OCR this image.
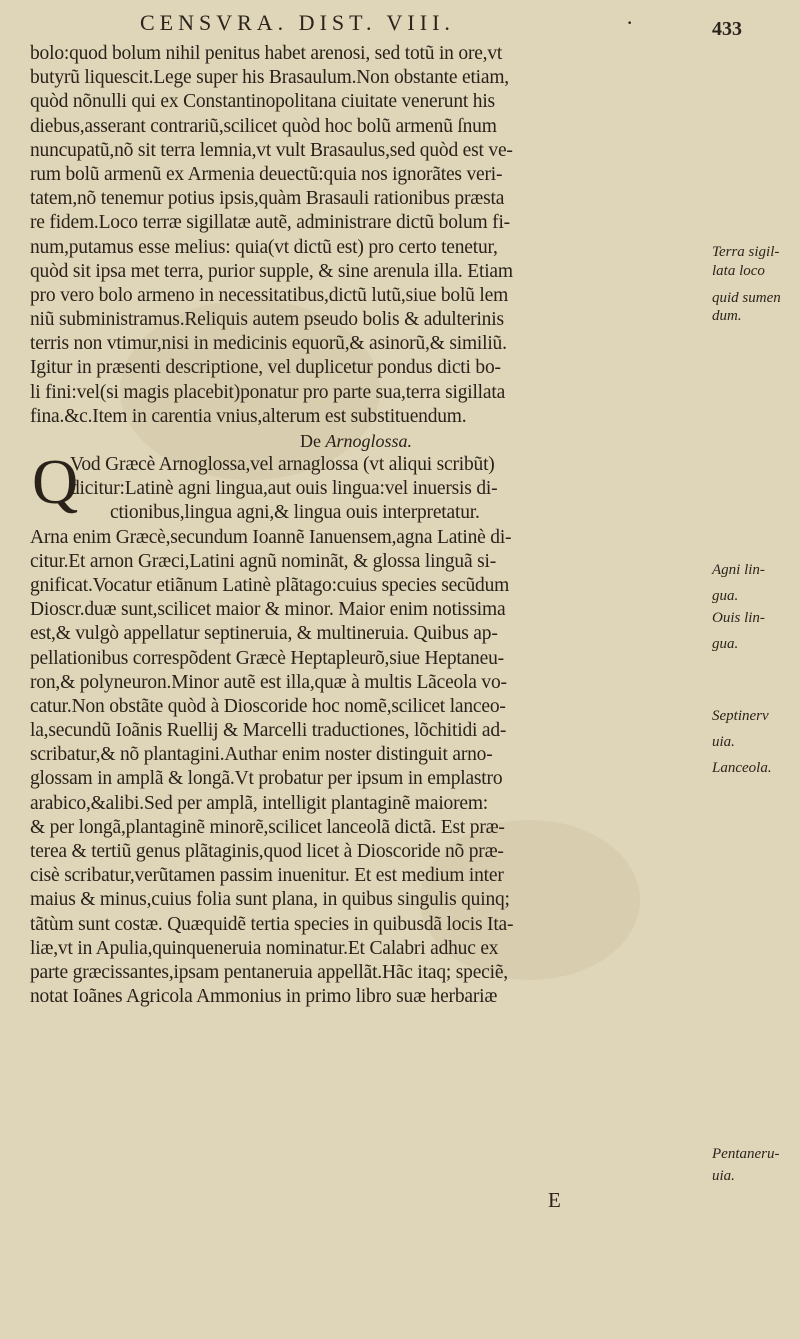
CENSVRA. DIST. VIII.	·	433
bolo:quod bolum nihil penitus habet arenosi, sed totũ in ore,vt
butyrũ liquescit.Lege super his Brasaulum.Non obstante etiam,
quòd nõnulli qui ex Constantinopolitana ciuitate venerunt his
diebus,asserant contrariũ,scilicet quòd hoc bolũ armenũ ſnum
nuncupatũ,nõ sit terra lemnia,vt vult Brasaulus,sed quòd est ve-
rum bolũ armenũ ex Armenia deuectũ:quia nos ignorãtes veri-
tatem,nõ tenemur potius ipsis,quàm Brasauli rationibus præsta
re fidem.Loco terræ sigillatæ autẽ, administrare dictũ bolum fi-
num,putamus esse melius: quia(vt dictũ est) pro certo tenetur,
quòd sit ipsa met terra, purior supple, & sine arenula illa. Etiam
pro vero bolo armeno in necessitatibus,dictũ lutũ,siue bolũ lem
niũ subministramus.Reliquis autem pseudo bolis & adulterinis
terris non vtimur,nisi in medicinis equorũ,& asinorũ,& similiũ.
Igitur in præsenti descriptione, vel duplicetur pondus dicti bo-
li fini:vel(si magis placebit)ponatur pro parte sua,terra sigillata
fina.&c.Item in carentia vnius,alterum est substituendum.
De Arnoglossa.
Q
Vod Græcè Arnoglossa,vel arnaglossa (vt aliqui scribũt)
dicitur:Latinè agni lingua,aut ouis lingua:vel inuersis di-
ctionibus,lingua agni,& lingua ouis interpretatur.
Arna enim Græcè,secundum Ioannẽ Ianuensem,agna Latinè di-
citur.Et arnon Græci,Latini agnũ nominãt, & glossa linguã si-
gnificat.Vocatur etiãnum Latinè plãtago:cuius species secũdum
Dioscr.duæ sunt,scilicet maior & minor. Maior enim notissima
est,& vulgò appellatur septineruia, & multineruia. Quibus ap-
pellationibus correspõdent Græcè Heptapleurõ,siue Heptaneu-
ron,& polyneuron.Minor autẽ est illa,quæ à multis Lãceola vo-
catur.Non obstãte quòd à Dioscoride hoc nomẽ,scilicet lanceo-
la,secundũ Ioãnis Ruellij & Marcelli traductiones, lõchitidi ad-
scribatur,& nõ plantagini.Authar enim noster distinguit arno-
glossam in amplã & longã.Vt probatur per ipsum in emplastro
arabico,&alibi.Sed per amplã, intelligit plantaginẽ maiorem:
& per longã,plantaginẽ minorẽ,scilicet lanceolã dictã. Est præ-
terea & tertiũ genus plãtaginis,quod licet à Dioscoride nõ præ-
cisè scribatur,verũtamen passim inuenitur. Et est medium inter
maius & minus,cuius folia sunt plana, in quibus singulis quinq;
tãtùm sunt costæ. Quæquidẽ tertia species in quibusdã locis Ita-
liæ,vt in Apulia,quinqueneruia nominatur.Et Calabri adhuc ex
parte græcissantes,ipsam pentaneruia appellãt.Hãc itaq; speciẽ,
notat Ioãnes Agricola Ammonius in primo libro suæ herbariæ
Terra sigil-
lata loco
quid sumen
dum.
Agni lin-
gua.
Ouis lin-
gua.
Septinerv
uia.
Lanceola.
Pentaneru-
uia.
E
